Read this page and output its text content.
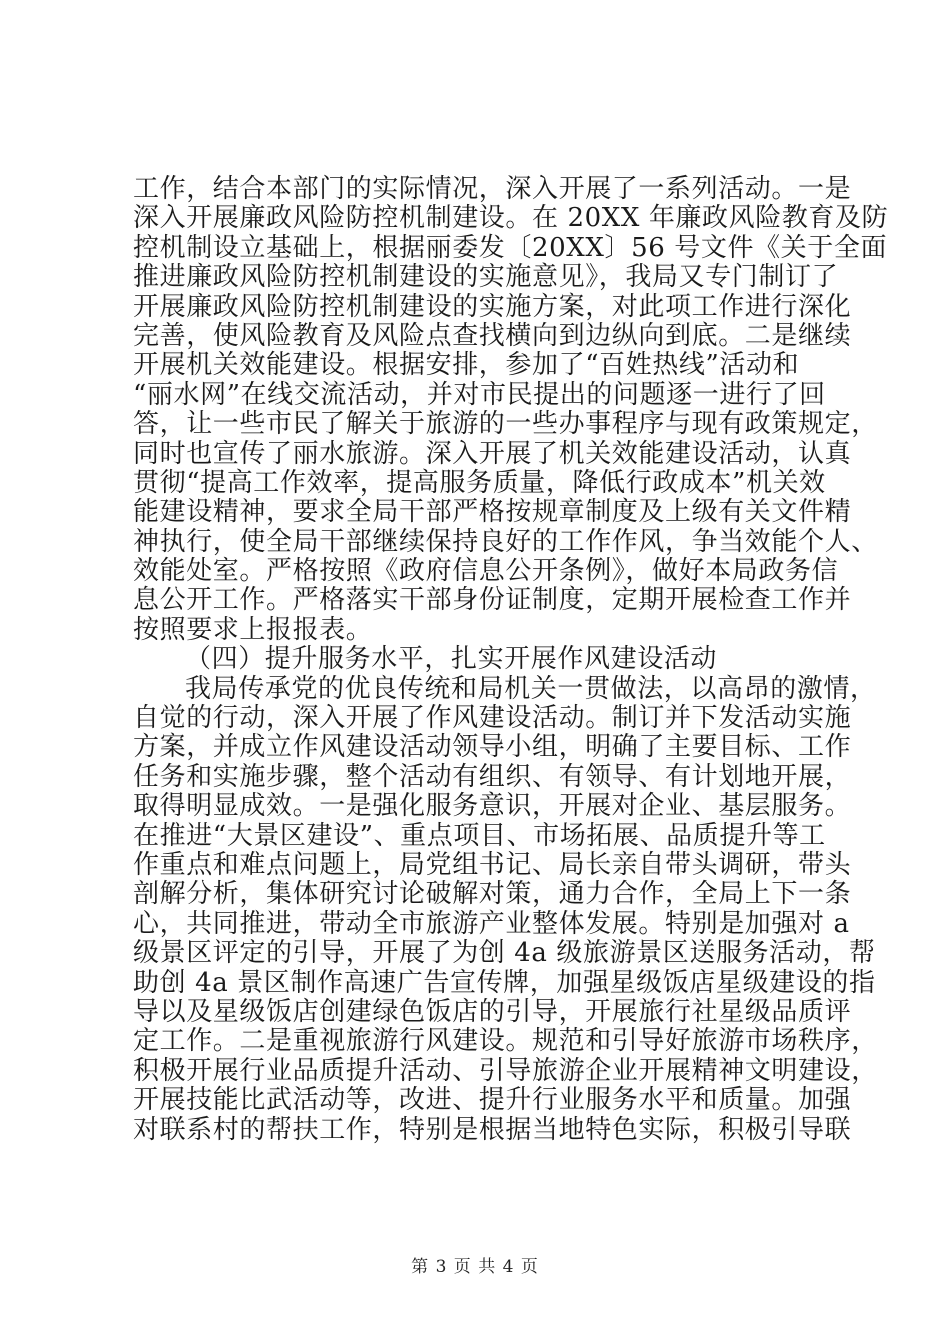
工作，结合本部门的实际情况，深入开展了一系列活动。一是
深入开展廉政风险防控机制建设。在 20XX 年廉政风险教育及防
控机制设立基础上，根据丽委发〔20XX〕56 号文件《关于全面
推进廉政风险防控机制建设的实施意见》，我局又专门制订了
开展廉政风险防控机制建设的实施方案，对此项工作进行深化
完善，使风险教育及风险点查找横向到边纵向到底。二是继续
开展机关效能建设。根据安排，参加了“百姓热线”活动和
“丽水网”在线交流活动，并对市民提出的问题逐一进行了回
答，让一些市民了解关于旅游的一些办事程序与现有政策规定，
同时也宣传了丽水旅游。深入开展了机关效能建设活动，认真
贯彻“提高工作效率，提高服务质量，降低行政成本”机关效
能建设精神，要求全局干部严格按规章制度及上级有关文件精
神执行，使全局干部继续保持良好的工作作风，争当效能个人、
效能处室。严格按照《政府信息公开条例》，做好本局政务信
息公开工作。严格落实干部身份证制度，定期开展检查工作并
按照要求上报报表。
（四）提升服务水平，扎实开展作风建设活动
我局传承党的优良传统和局机关一贯做法，以高昂的激情，
自觉的行动，深入开展了作风建设活动。制订并下发活动实施
方案，并成立作风建设活动领导小组，明确了主要目标、工作
任务和实施步骤，整个活动有组织、有领导、有计划地开展，
取得明显成效。一是强化服务意识，开展对企业、基层服务。
在推进“大景区建设”、重点项目、市场拓展、品质提升等工
作重点和难点问题上，局党组书记、局长亲自带头调研，带头
剖解分析，集体研究讨论破解对策，通力合作，全局上下一条
心，共同推进，带动全市旅游产业整体发展。特别是加强对 a
级景区评定的引导，开展了为创 4a 级旅游景区送服务活动，帮
助创 4a 景区制作高速广告宣传牌，加强星级饭店星级建设的指
导以及星级饭店创建绿色饭店的引导，开展旅行社星级品质评
定工作。二是重视旅游行风建设。规范和引导好旅游市场秩序，
积极开展行业品质提升活动、引导旅游企业开展精神文明建设，
开展技能比武活动等，改进、提升行业服务水平和质量。加强
对联系村的帮扶工作，特别是根据当地特色实际，积极引导联
第 3 页 共 4 页
